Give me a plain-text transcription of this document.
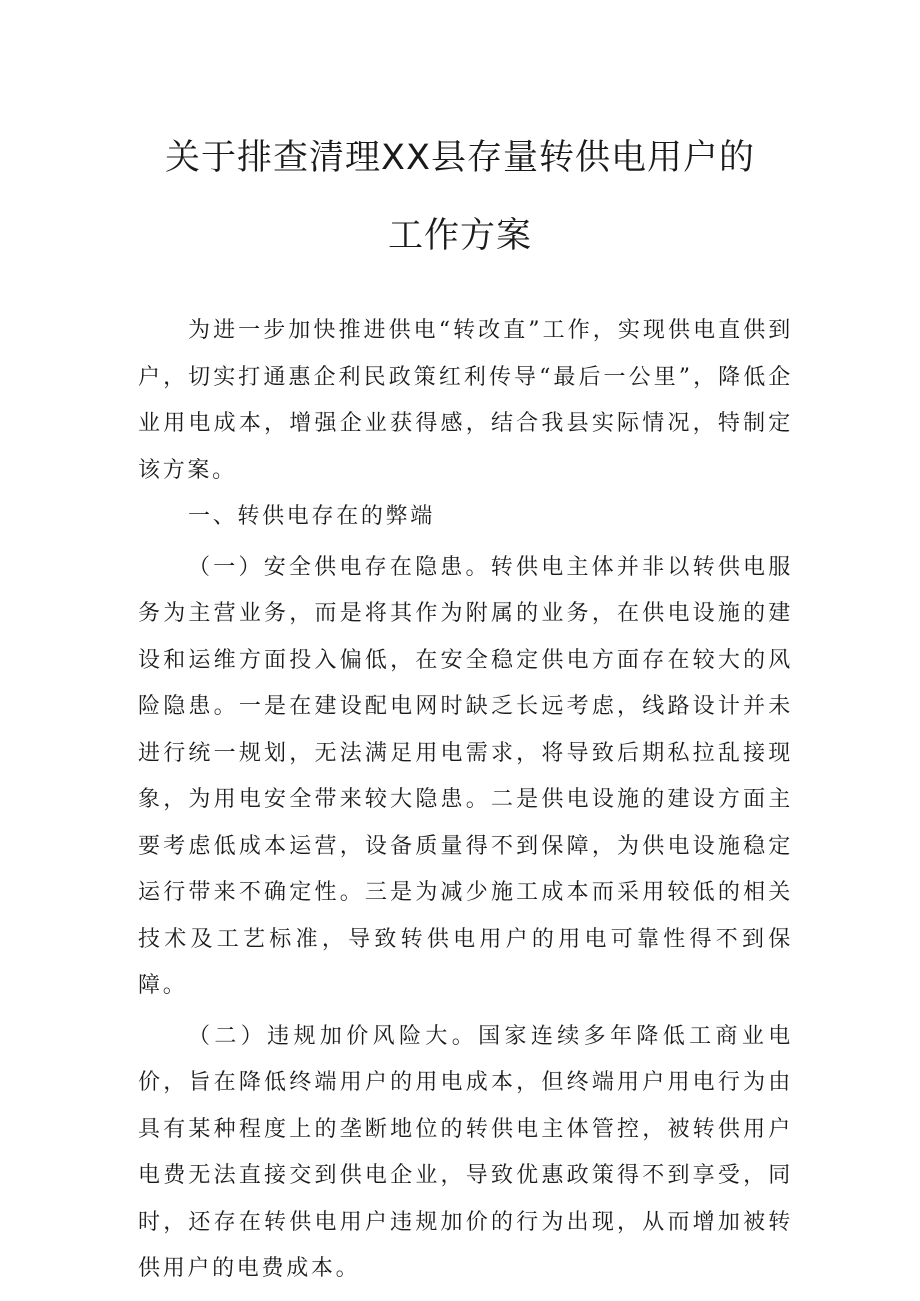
关于排查清理XX县存量转供电用户的
工作方案

为进一步加快推进供电“转改直”工作，实现供电直供到户，切实打通惠企利民政策红利传导“最后一公里”，降低企业用电成本，增强企业获得感，结合我县实际情况，特制定该方案。

一、转供电存在的弊端

（一）安全供电存在隐患。转供电主体并非以转供电服务为主营业务，而是将其作为附属的业务，在供电设施的建设和运维方面投入偏低，在安全稳定供电方面存在较大的风险隐患。一是在建设配电网时缺乏长远考虑，线路设计并未进行统一规划，无法满足用电需求，将导致后期私拉乱接现象，为用电安全带来较大隐患。二是供电设施的建设方面主要考虑低成本运营，设备质量得不到保障，为供电设施稳定运行带来不确定性。三是为减少施工成本而采用较低的相关技术及工艺标准，导致转供电用户的用电可靠性得不到保障。

（二）违规加价风险大。国家连续多年降低工商业电价，旨在降低终端用户的用电成本，但终端用户用电行为由具有某种程度上的垄断地位的转供电主体管控，被转供用户电费无法直接交到供电企业，导致优惠政策得不到享受，同时，还存在转供电用户违规加价的行为出现，从而增加被转供用户的电费成本。
